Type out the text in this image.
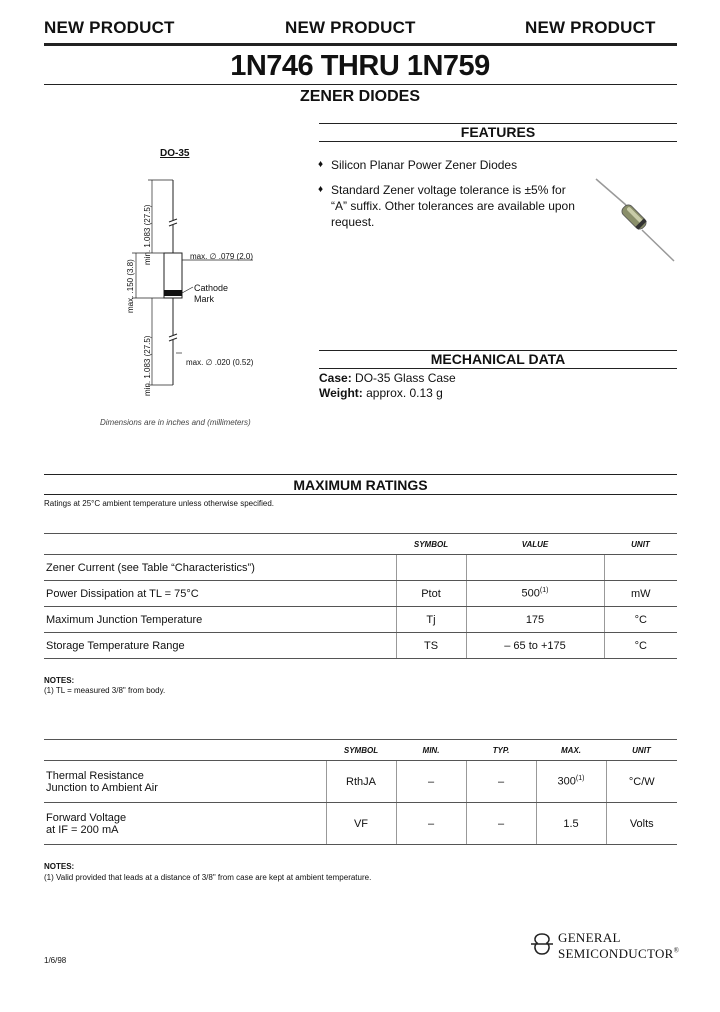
NEW PRODUCT	NEW PRODUCT	NEW PRODUCT
1N746 THRU 1N759
ZENER DIODES
DO-35
min. 1.083 (27.5)
max. .150 (3.8)
min. 1.083 (27.5)
max. ∅ .079 (2.0)
Cathode
Mark
max. ∅ .020 (0.52)
Dimensions are in inches and (millimeters)
FEATURES
♦ Silicon Planar Power Zener Diodes
♦ Standard Zener voltage tolerance is ±5% for “A” suffix. Other tolerances are available upon request.
MECHANICAL DATA
Case: DO-35 Glass Case
Weight: approx. 0.13 g
MAXIMUM RATINGS
Ratings at 25°C ambient temperature unless otherwise specified.
	SYMBOL	VALUE	UNIT
Zener Current (see Table “Characteristics”)			
Power Dissipation at TL = 75°C	Ptot	500$^{(1)}$	mW
Maximum Junction Temperature	Tj	175	°C
Storage Temperature Range	TS	– 65 to +175	°C
NOTES:
(1) TL = measured 3/8" from body.
	SYMBOL	MIN.	TYP.	MAX.	UNIT

Thermal Resistance
Junction to Ambient Air	RthJA	–	–	300$^{(1)}$	°C/W

Forward Voltage
at IF = 200 mA	VF	–	–	1.5	Volts
NOTES:
(1) Valid provided that leads at a distance of 3/8" from case are kept at ambient temperature.
1/6/98
GENERAL
SEMICONDUCTOR®
